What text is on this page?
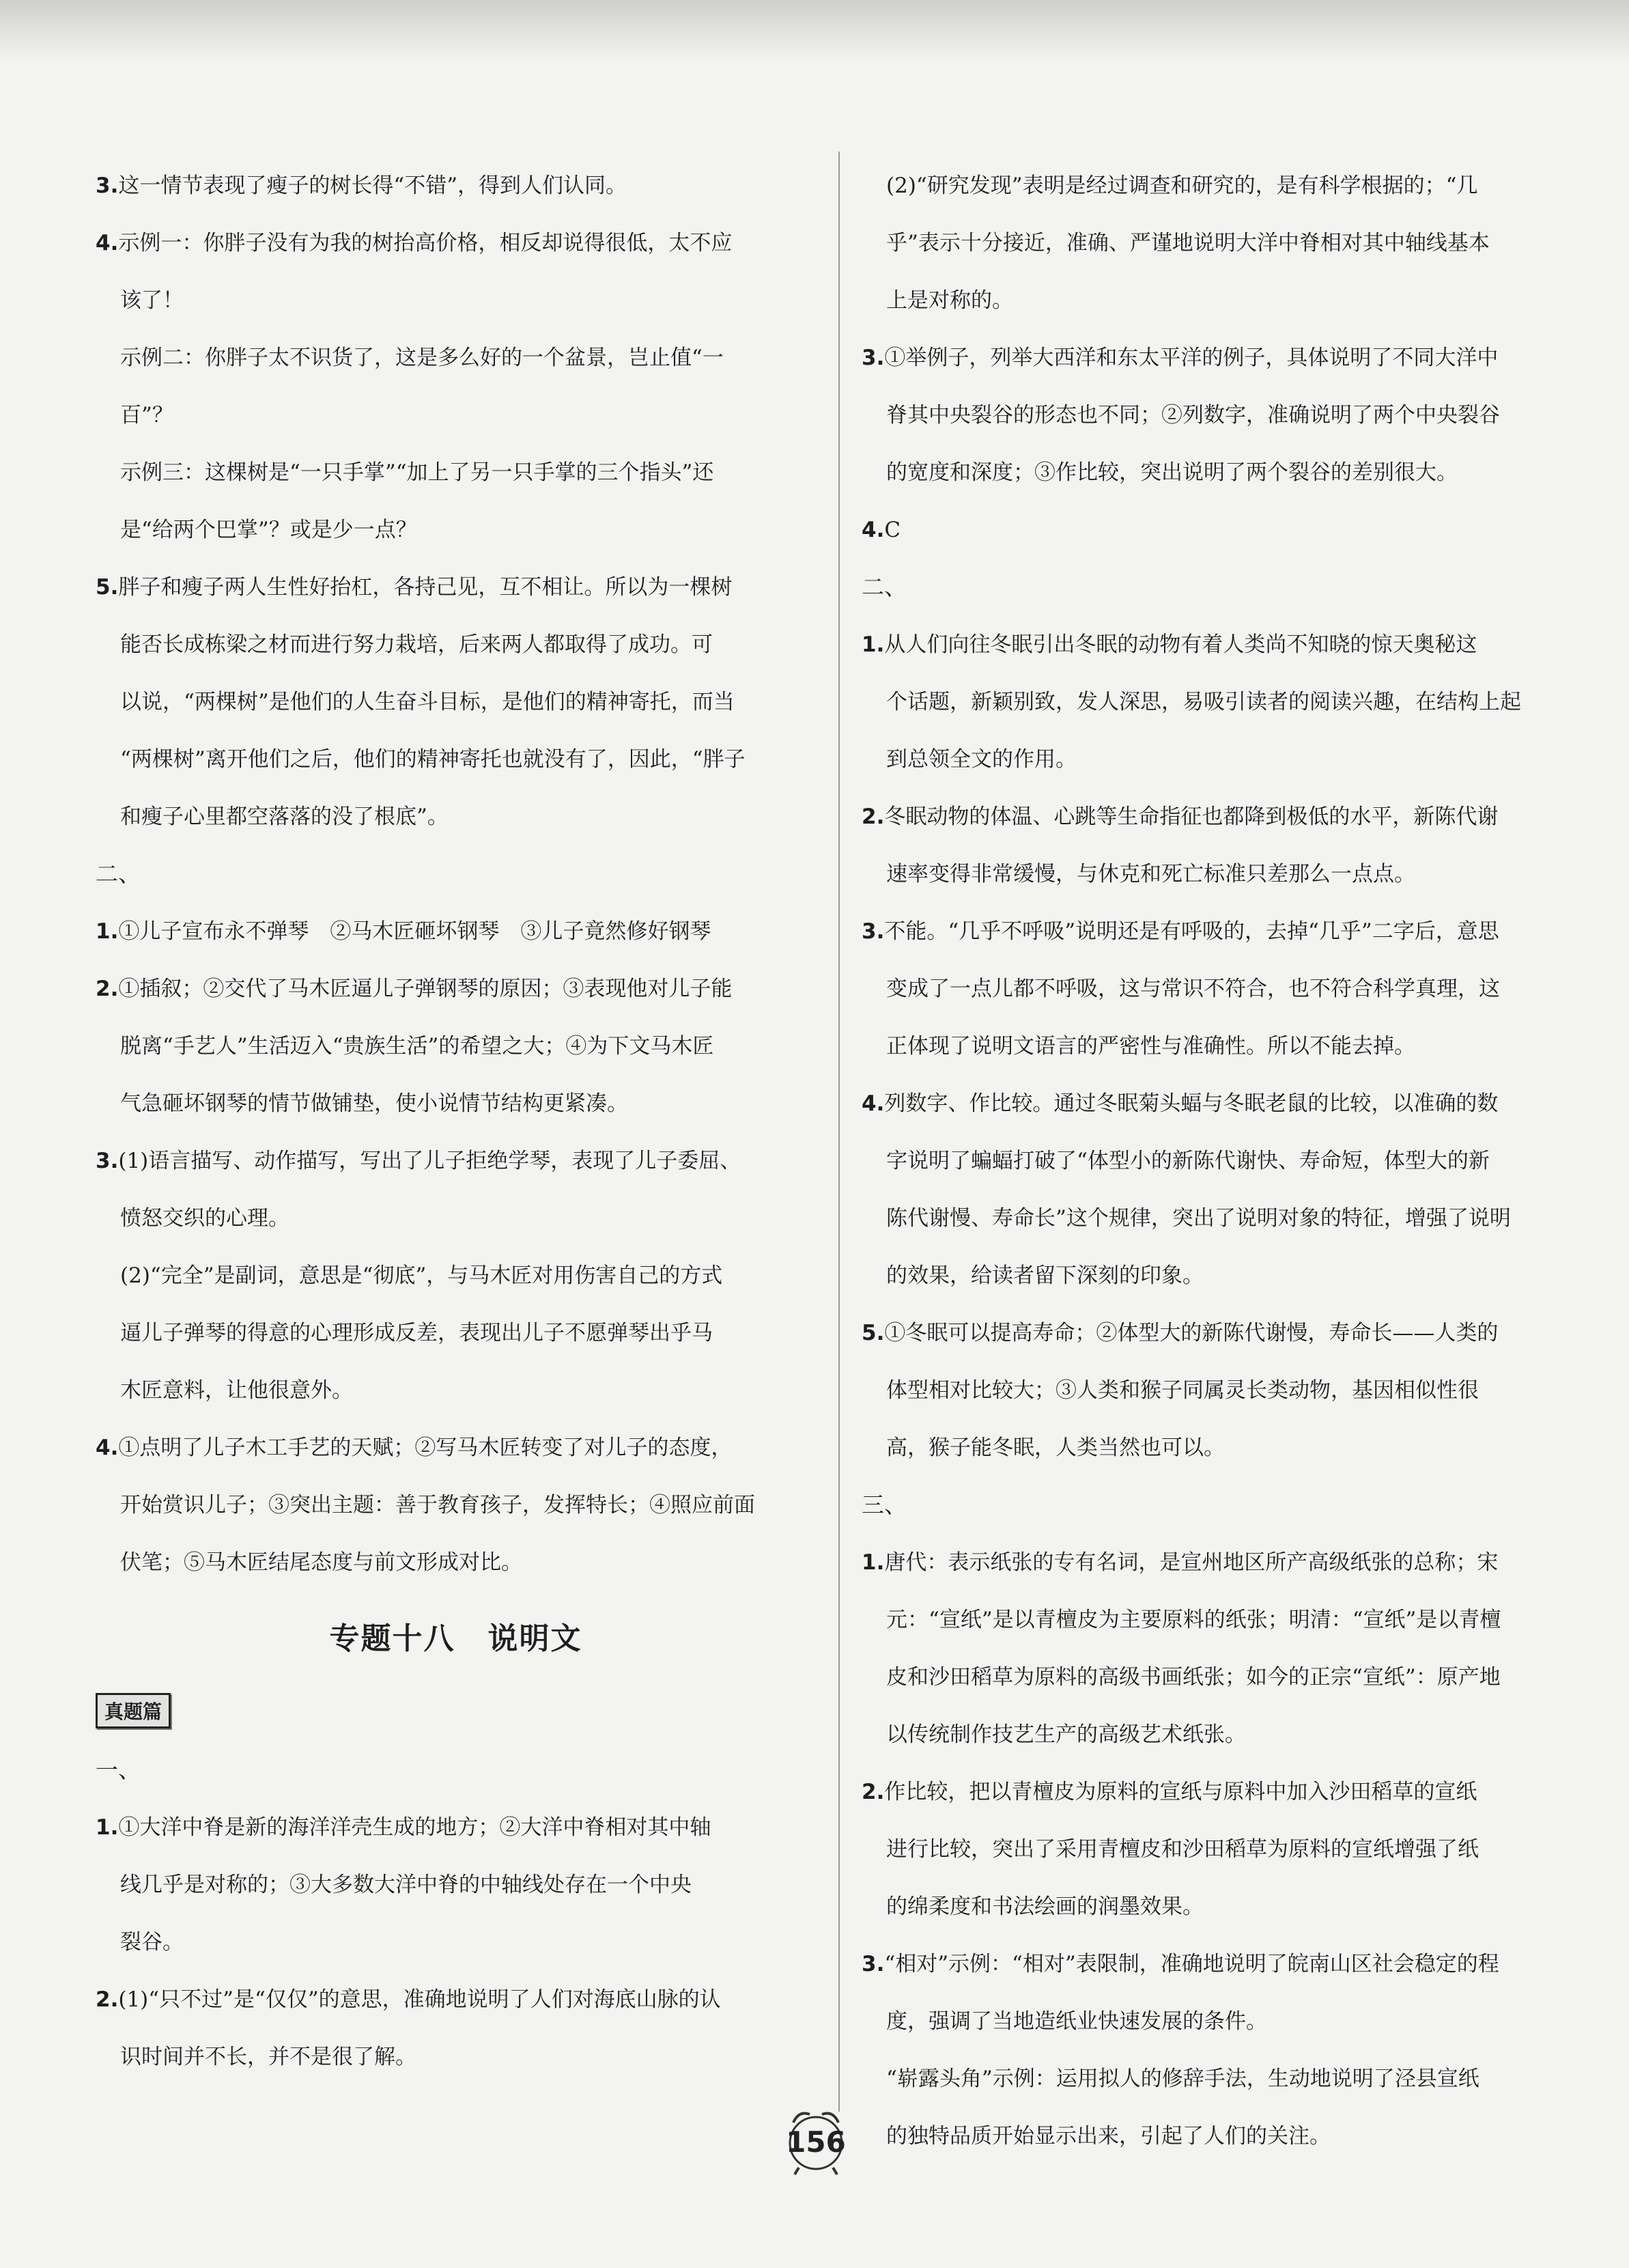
3.这一情节表现了瘦子的树长得“不错”，得到人们认同。
4.示例一：你胖子没有为我的树抬高价格，相反却说得很低，太不应
该了！
示例二：你胖子太不识货了，这是多么好的一个盆景，岂止值“一
百”？
示例三：这棵树是“一只手掌”“加上了另一只手掌的三个指头”还
是“给两个巴掌”？或是少一点？
5.胖子和瘦子两人生性好抬杠，各持己见，互不相让。所以为一棵树
能否长成栋梁之材而进行努力栽培，后来两人都取得了成功。可
以说，“两棵树”是他们的人生奋斗目标，是他们的精神寄托，而当
“两棵树”离开他们之后，他们的精神寄托也就没有了，因此，“胖子
和瘦子心里都空落落的没了根底”。
二、
1.①儿子宣布永不弹琴　②马木匠砸坏钢琴　③儿子竟然修好钢琴
2.①插叙；②交代了马木匠逼儿子弹钢琴的原因；③表现他对儿子能
脱离“手艺人”生活迈入“贵族生活”的希望之大；④为下文马木匠
气急砸坏钢琴的情节做铺垫，使小说情节结构更紧凑。
3.(1)语言描写、动作描写，写出了儿子拒绝学琴，表现了儿子委屈、
愤怒交织的心理。
(2)“完全”是副词，意思是“彻底”，与马木匠对用伤害自己的方式
逼儿子弹琴的得意的心理形成反差，表现出儿子不愿弹琴出乎马
木匠意料，让他很意外。
4.①点明了儿子木工手艺的天赋；②写马木匠转变了对儿子的态度，
开始赏识儿子；③突出主题：善于教育孩子，发挥特长；④照应前面
伏笔；⑤马木匠结尾态度与前文形成对比。
专题十八 说明文
真题篇
一、
1.①大洋中脊是新的海洋洋壳生成的地方；②大洋中脊相对其中轴
线几乎是对称的；③大多数大洋中脊的中轴线处存在一个中央
裂谷。
2.(1)“只不过”是“仅仅”的意思，准确地说明了人们对海底山脉的认
识时间并不长，并不是很了解。
(2)“研究发现”表明是经过调查和研究的，是有科学根据的；“几
乎”表示十分接近，准确、严谨地说明大洋中脊相对其中轴线基本
上是对称的。
3.①举例子，列举大西洋和东太平洋的例子，具体说明了不同大洋中
脊其中央裂谷的形态也不同；②列数字，准确说明了两个中央裂谷
的宽度和深度；③作比较，突出说明了两个裂谷的差别很大。
4.C
二、
1.从人们向往冬眠引出冬眠的动物有着人类尚不知晓的惊天奥秘这
个话题，新颖别致，发人深思，易吸引读者的阅读兴趣，在结构上起
到总领全文的作用。
2.冬眠动物的体温、心跳等生命指征也都降到极低的水平，新陈代谢
速率变得非常缓慢，与休克和死亡标准只差那么一点点。
3.不能。“几乎不呼吸”说明还是有呼吸的，去掉“几乎”二字后，意思
变成了一点儿都不呼吸，这与常识不符合，也不符合科学真理，这
正体现了说明文语言的严密性与准确性。所以不能去掉。
4.列数字、作比较。通过冬眠菊头蝠与冬眠老鼠的比较，以准确的数
字说明了蝙蝠打破了“体型小的新陈代谢快、寿命短，体型大的新
陈代谢慢、寿命长”这个规律，突出了说明对象的特征，增强了说明
的效果，给读者留下深刻的印象。
5.①冬眠可以提高寿命；②体型大的新陈代谢慢，寿命长——人类的
体型相对比较大；③人类和猴子同属灵长类动物，基因相似性很
高，猴子能冬眠，人类当然也可以。
三、
1.唐代：表示纸张的专有名词，是宣州地区所产高级纸张的总称；宋
元：“宣纸”是以青檀皮为主要原料的纸张；明清：“宣纸”是以青檀
皮和沙田稻草为原料的高级书画纸张；如今的正宗“宣纸”：原产地
以传统制作技艺生产的高级艺术纸张。
2.作比较，把以青檀皮为原料的宣纸与原料中加入沙田稻草的宣纸
进行比较，突出了采用青檀皮和沙田稻草为原料的宣纸增强了纸
的绵柔度和书法绘画的润墨效果。
3.“相对”示例：“相对”表限制，准确地说明了皖南山区社会稳定的程
度，强调了当地造纸业快速发展的条件。
“崭露头角”示例：运用拟人的修辞手法，生动地说明了泾县宣纸
的独特品质开始显示出来，引起了人们的关注。
156
